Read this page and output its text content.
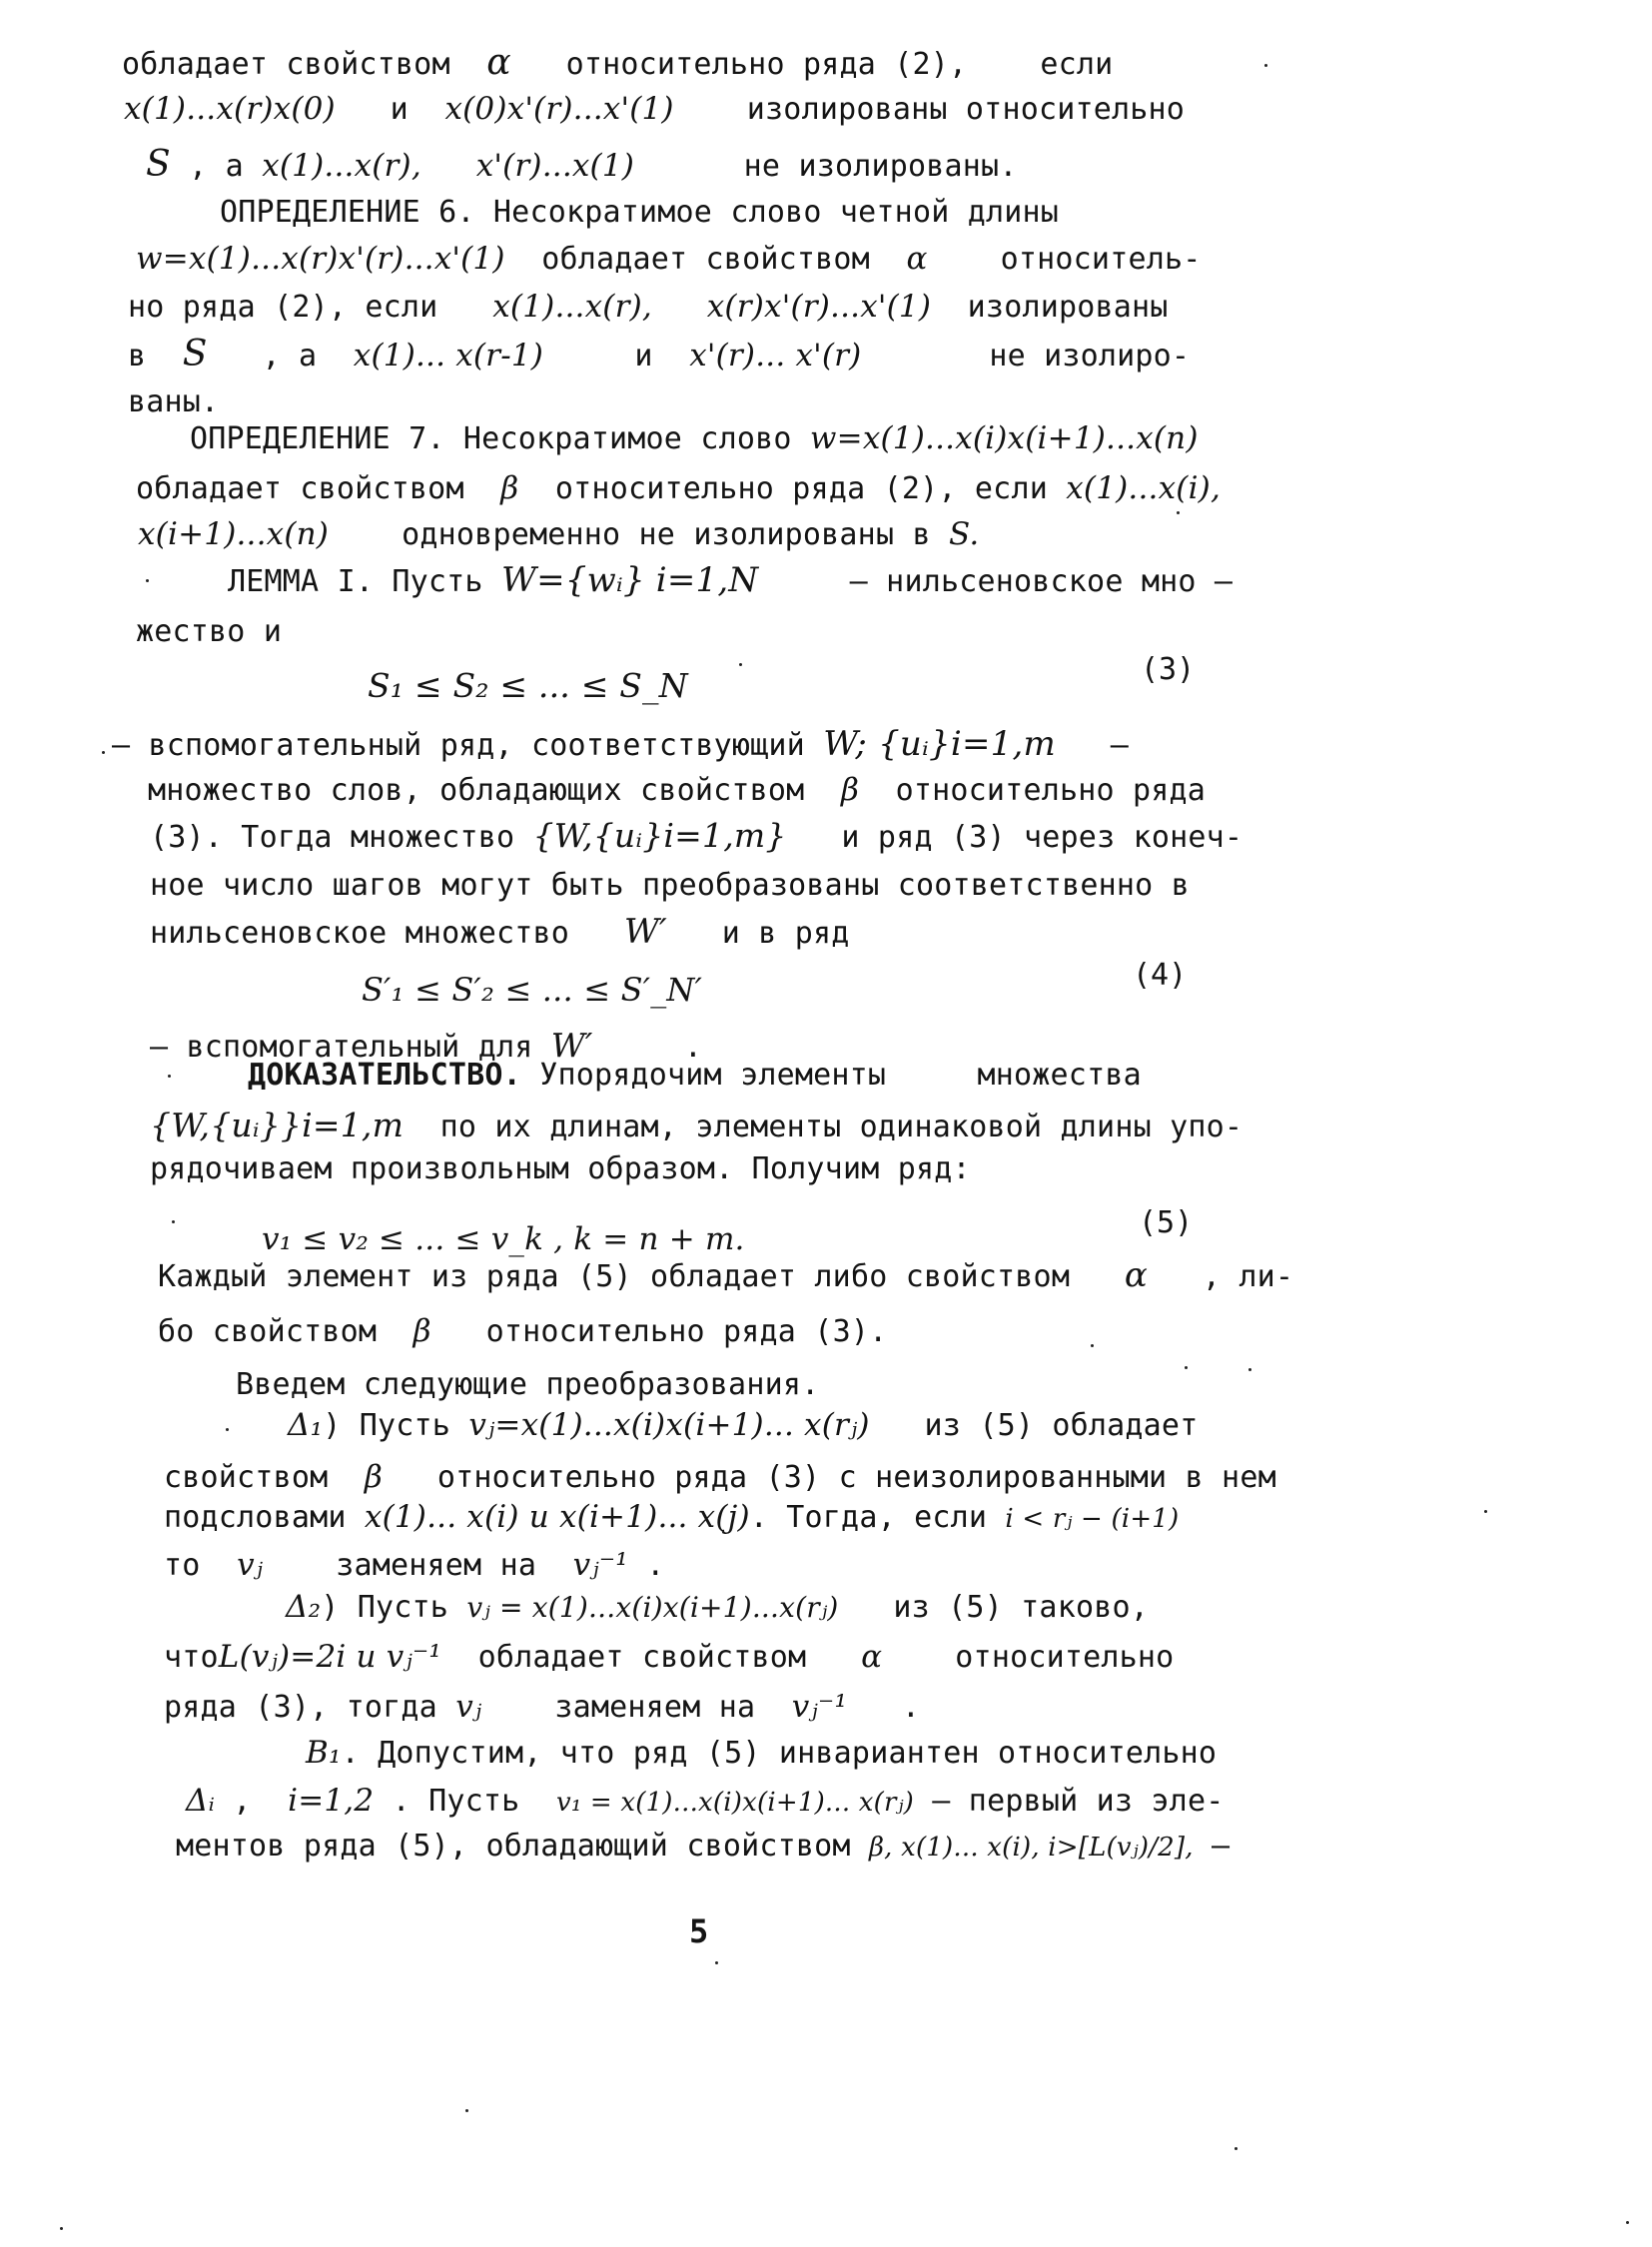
обладает свойством α относительно ряда (2), если
x(1)...x(r)x(0) и x(0)x'(r)...x'(1) изолированы относительно
S , а x(1)...x(r), x'(r)...x(1)	не изолированы.
ОПРЕДЕЛЕНИЕ 6. Несократимое слово четной длины
w=x(1)...x(r)x'(r)...x'(1) обладает свойством α относитель-
но ряда (2), если x(1)...x(r), x(r)x'(r)...x'(1) изолированы
в S , а x(1)... x(r-1)	и x'(r)... x'(r)	не изолиро-
ваны.
ОПРЕДЕЛЕНИЕ 7. Несократимое слово w=x(1)...x(i)x(i+1)...x(n)
обладает свойством β относительно ряда (2), если x(1)...x(i),
x(i+1)...x(n) одновременно не изолированы в S.
ЛЕММА I. Пусть W={wᵢ} i=1,N	– нильсеновское мно –
жество и
S₁ ≤ S₂ ≤ ... ≤ S_N	(3)
– вспомогательный ряд, соответствующий W; {uᵢ}i=1,m –
множество слов, обладающих свойством β относительно ряда
(3). Тогда множество {W,{uᵢ}i=1,m} и ряд (3) через конеч-
ное число шагов могут быть преобразованы соответственно в
нильсеновское множество W′ и в ряд
S′₁ ≤ S′₂ ≤ ... ≤ S′_N′	(4)
– вспомогательный для W′	.
ДОКАЗАТЕЛЬСТВО. Упорядочим элементы	множества
{W,{uᵢ}}i=1,m по их длинам, элементы одинаковой длины упо-
рядочиваем произвольным образом. Получим ряд:
v₁ ≤ v₂ ≤ ... ≤ v_k , k = n + m.	(5)
Каждый элемент из ряда (5) обладает либо свойством α , ли-
бо свойством β относительно ряда (3).
Введем следующие преобразования.
Δ₁) Пусть vⱼ=x(1)...x(i)x(i+1)... x(rⱼ) из (5) обладает
свойством β относительно ряда (3) с неизолированными в нем
подсловами x(1)... x(i) и x(i+1)... x(j). Тогда, если i < rⱼ − (i+1)
то vⱼ заменяем на vⱼ⁻¹ .
Δ₂) Пусть vⱼ = x(1)...x(i)x(i+1)...x(rⱼ) из (5) таково,
чтоL(vⱼ)=2i и vⱼ⁻¹ обладает свойством α относительно
ряда (3), тогда vⱼ заменяем на vⱼ⁻¹ .
B₁. Допустим, что ряд (5) инвариантен относительно
Δᵢ , i=1,2 . Пусть v₁ = x(1)...x(i)x(i+1)... x(rⱼ) – первый из эле-
ментов ряда (5), обладающий свойством β, x(1)... x(i), i>[L(vⱼ)/2], –
5
